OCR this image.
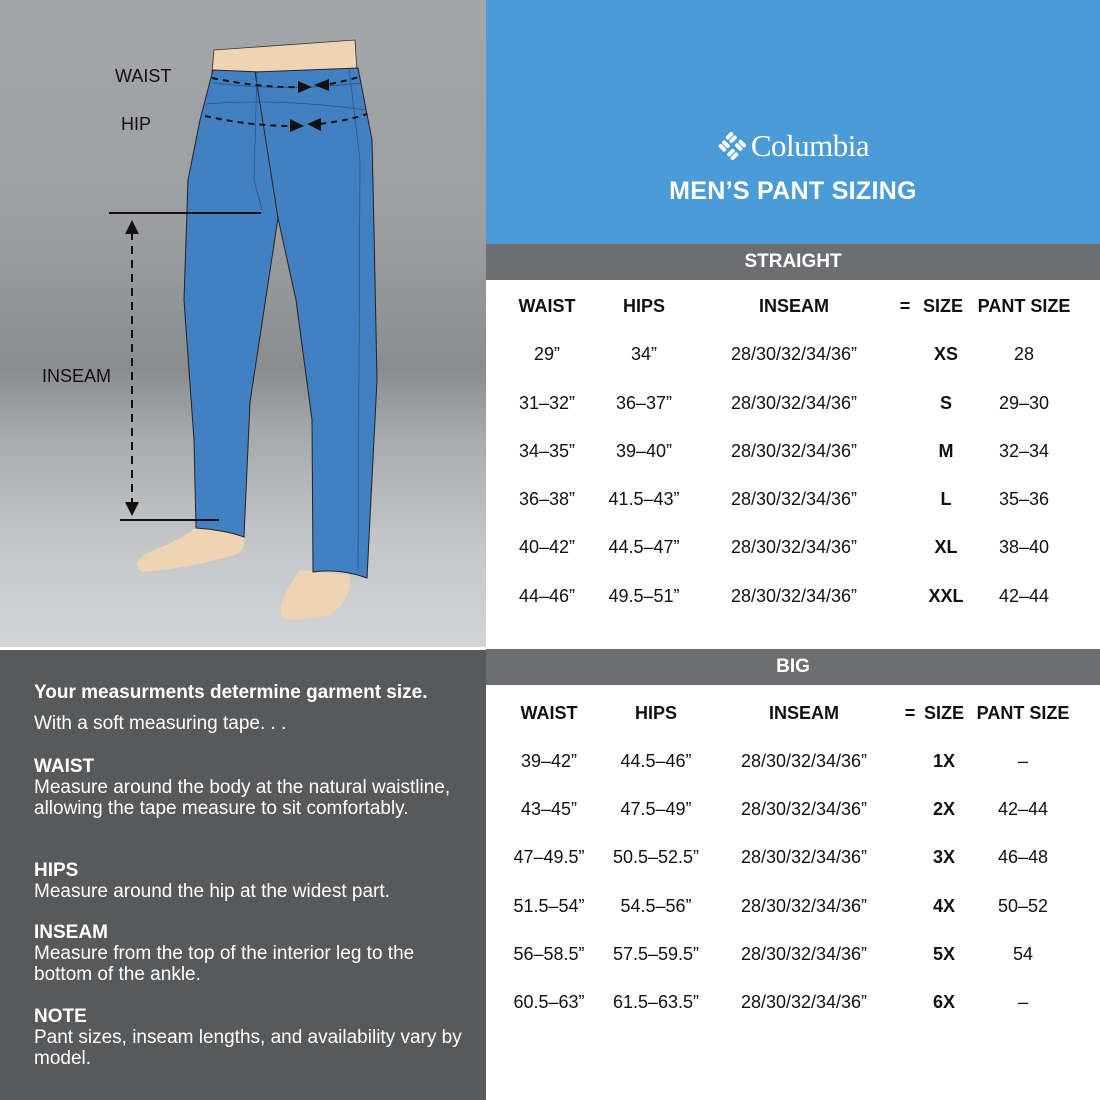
WAIST
HIP
INSEAM
Your measurments determine garment size.
With a soft measuring tape. . .
WAIST
Measure around the body at the natural waistline, allowing the tape measure to sit comfortably.
HIPS
Measure around the hip at the widest part.
INSEAM
Measure from the top of the interior leg to the bottom of the ankle.
NOTE
Pant sizes, inseam lengths, and availability vary by model.
Columbia
MEN’S PANT SIZING
STRAIGHT
WAIST	HIPS	INSEAM	= SIZE PANT SIZE
29”	34”	28/30/32/34/36”	XS	28
31–32” 36–37”	28/30/32/34/36”	S	29–30
34–35” 39–40”	28/30/32/34/36”	M	32–34
36–38” 41.5–43”	28/30/32/34/36”	L	35–36
40–42” 44.5–47”	28/30/32/34/36”	XL 38–40
44–46” 49.5–51”	28/30/32/34/36”	XXL 42–44
BIG
WAIST	HIPS	INSEAM	= SIZE PANT SIZE
39–42” 44.5–46”	28/30/32/34/36”	1X	–
43–45” 47.5–49”	28/30/32/34/36”	2X 42–44
47–49.5” 50.5–52.5” 28/30/32/34/36”	3X 46–48
51.5–54” 54.5–56”	28/30/32/34/36”	4X 50–52
56–58.5” 57.5–59.5” 28/30/32/34/36”	5X	54
60.5–63” 61.5–63.5” 28/30/32/34/36”	6X	–
